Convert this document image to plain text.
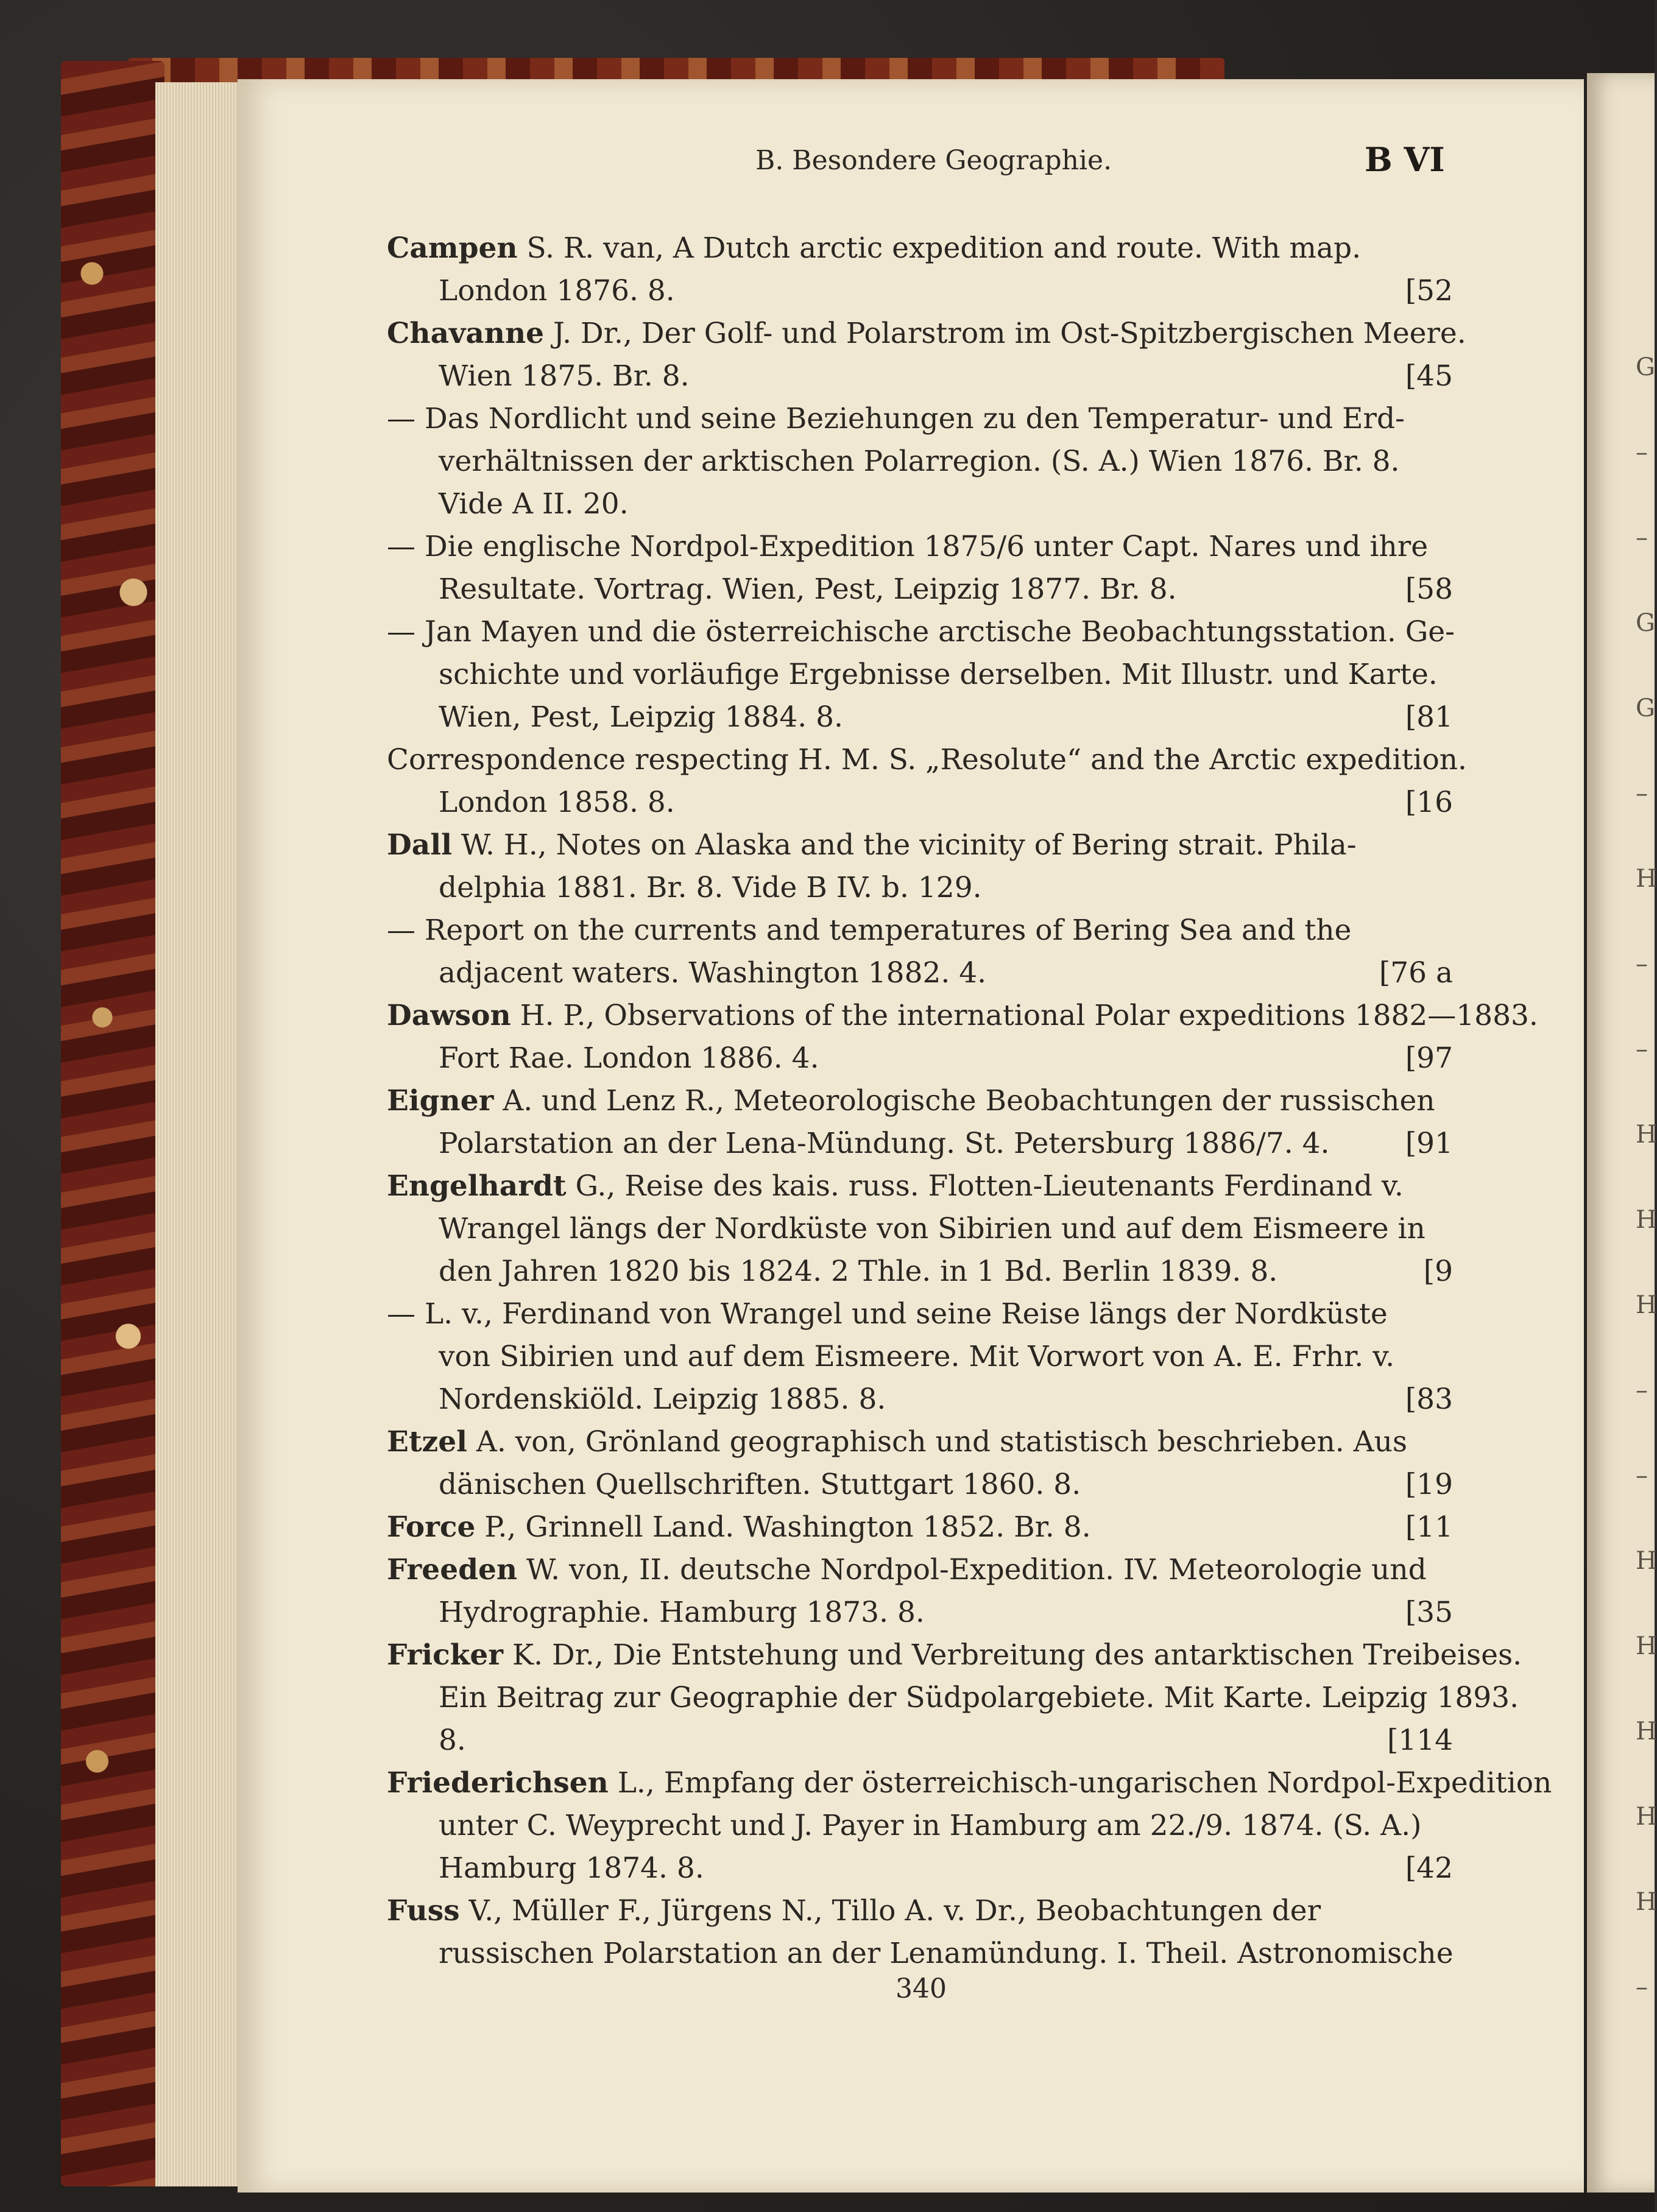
B. Besondere Geographie.	B VI
Campen S. R. van, A Dutch arctic expedition and route. With map.
London 1876. 8.
Chavanne J. Dr., Der Golf- und Polarstrom im Ost-Spitzbergischen Meere.
Wien 1875. Br. 8.
— Das Nordlicht und seine Beziehungen zu den Temperatur- und Erd-
verhältnissen der arktischen Polarregion. (S. A.) Wien 1876. Br. 8.
Vide A II. 20.
— Die englische Nordpol-Expedition 1875/6 unter Capt. Nares und ihre
Resultate. Vortrag. Wien, Pest, Leipzig 1877. Br. 8.
— Jan Mayen und die österreichische arctische Beobachtungsstation. Ge-
schichte und vorläufige Ergebnisse derselben. Mit Illustr. und Karte.
Wien, Pest, Leipzig 1884. 8.
Correspondence respecting H. M. S. „Resolute“ and the Arctic expedition.
London 1858. 8.
Dall W. H., Notes on Alaska and the vicinity of Bering strait. Phila-
delphia 1881. Br. 8. Vide B IV. b. 129.
— Report on the currents and temperatures of Bering Sea and the
adjacent waters. Washington 1882. 4.
Dawson H. P., Observations of the international Polar expeditions 1882—1883.
Fort Rae. London 1886. 4.
Eigner A. und Lenz R., Meteorologische Beobachtungen der russischen
Polarstation an der Lena-Mündung. St. Petersburg 1886/7. 4.
Engelhardt G., Reise des kais. russ. Flotten-Lieutenants Ferdinand v.
Wrangel längs der Nordküste von Sibirien und auf dem Eismeere in
den Jahren 1820 bis 1824. 2 Thle. in 1 Bd. Berlin 1839. 8.
— L. v., Ferdinand von Wrangel und seine Reise längs der Nordküste
von Sibirien und auf dem Eismeere. Mit Vorwort von A. E. Frhr. v.
Nordenskiöld. Leipzig 1885. 8.
Etzel A. von, Grönland geographisch und statistisch beschrieben. Aus
dänischen Quellschriften. Stuttgart 1860. 8.
Force P., Grinnell Land. Washington 1852. Br. 8.
Freeden W. von, II. deutsche Nordpol-Expedition. IV. Meteorologie und
Hydrographie. Hamburg 1873. 8.
Fricker K. Dr., Die Entstehung und Verbreitung des antarktischen Treibeises.
Ein Beitrag zur Geographie der Südpolargebiete. Mit Karte. Leipzig 1893.
8.
Friederichsen L., Empfang der österreichisch-ungarischen Nordpol-Expedition
unter C. Weyprecht und J. Payer in Hamburg am 22./9. 1874. (S. A.)
Hamburg 1874. 8.
Fuss V., Müller F., Jürgens N., Tillo A. v. Dr., Beobachtungen der
russischen Polarstation an der Lenamündung. I. Theil. Astronomische
[52
[45
[58
[81
[16
[76 a
[97
[91
[9
[83
[19
[11
[35
[114
[42
G
–
–
G
G
–
H
–
–
H
H
H
–
–
H
H
H
H
H
–
340
